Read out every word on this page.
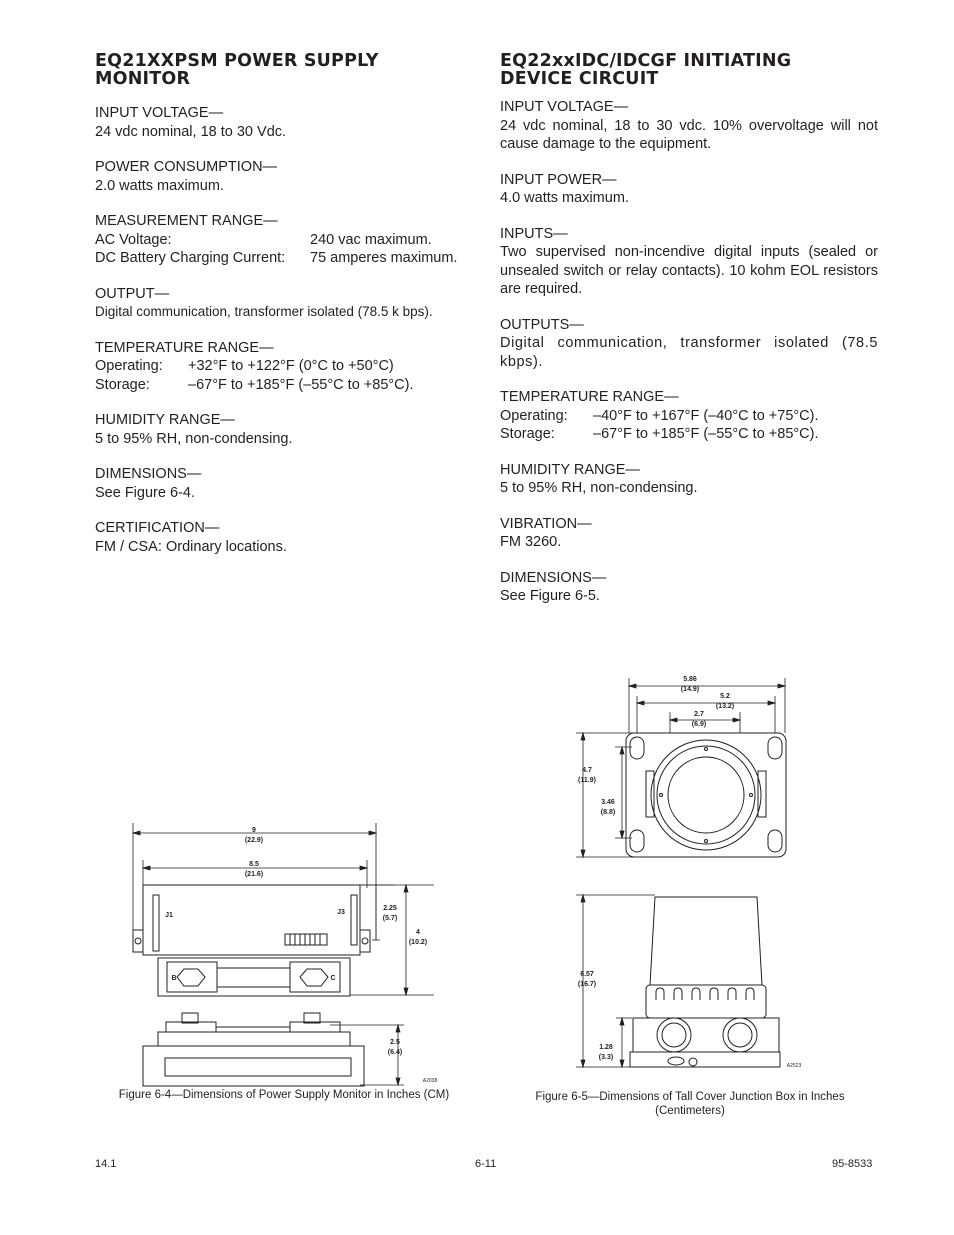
EQ21XXPSM POWER SUPPLY MONITOR
INPUT VOLTAGE—
24 vdc nominal, 18 to 30 Vdc.
POWER CONSUMPTION—
2.0 watts maximum.
MEASUREMENT RANGE—
AC Voltage:	240 vac maximum.
DC Battery Charging Current:	75 amperes maximum.
OUTPUT—
Digital communication, transformer isolated (78.5 k bps).
TEMPERATURE RANGE—
Operating:	+32°F to +122°F (0°C to +50°C)
Storage:	–67°F to +185°F (–55°C to +85°C).
HUMIDITY RANGE—
5 to 95% RH, non-condensing.
DIMENSIONS—
See Figure 6-4.
CERTIFICATION—
FM / CSA: Ordinary locations.
EQ22xxIDC/IDCGF INITIATING
DEVICE CIRCUIT
INPUT VOLTAGE—
24 vdc nominal, 18 to 30 vdc. 10% overvoltage will not cause damage to the equipment.
INPUT POWER—
4.0 watts maximum.
INPUTS—
Two supervised non-incendive digital inputs (sealed or unsealed switch or relay contacts). 10 kohm EOL resistors are required.
OUTPUTS—
Digital communication, transformer isolated (78.5 kbps).
TEMPERATURE RANGE—
Operating:	–40°F to +167°F (–40°C to +75°C).
Storage:	–67°F to +185°F (–55°C to +85°C).
HUMIDITY RANGE—
5 to 95% RH, non-condensing.
VIBRATION—
FM 3260.
DIMENSIONS—
See Figure 6-5.
9
(22.9)
8.5
(21.6)
2.25
(5.7)
4
(10.2)
2.5
(6.4)
J1	J3
B	C
A2038
5.86
(14.9)
5.2
(13.2)
2.7
(6.9)
4.7
(11.9)
3.46
(8.8)
6.57
(16.7)
1.28
(3.3)
A2523
Figure 6-4—Dimensions of Power Supply Monitor in Inches (CM)	Figure 6-5—Dimensions of Tall Cover Junction Box in Inches
(Centimeters)
14.1	6-11	95-8533
